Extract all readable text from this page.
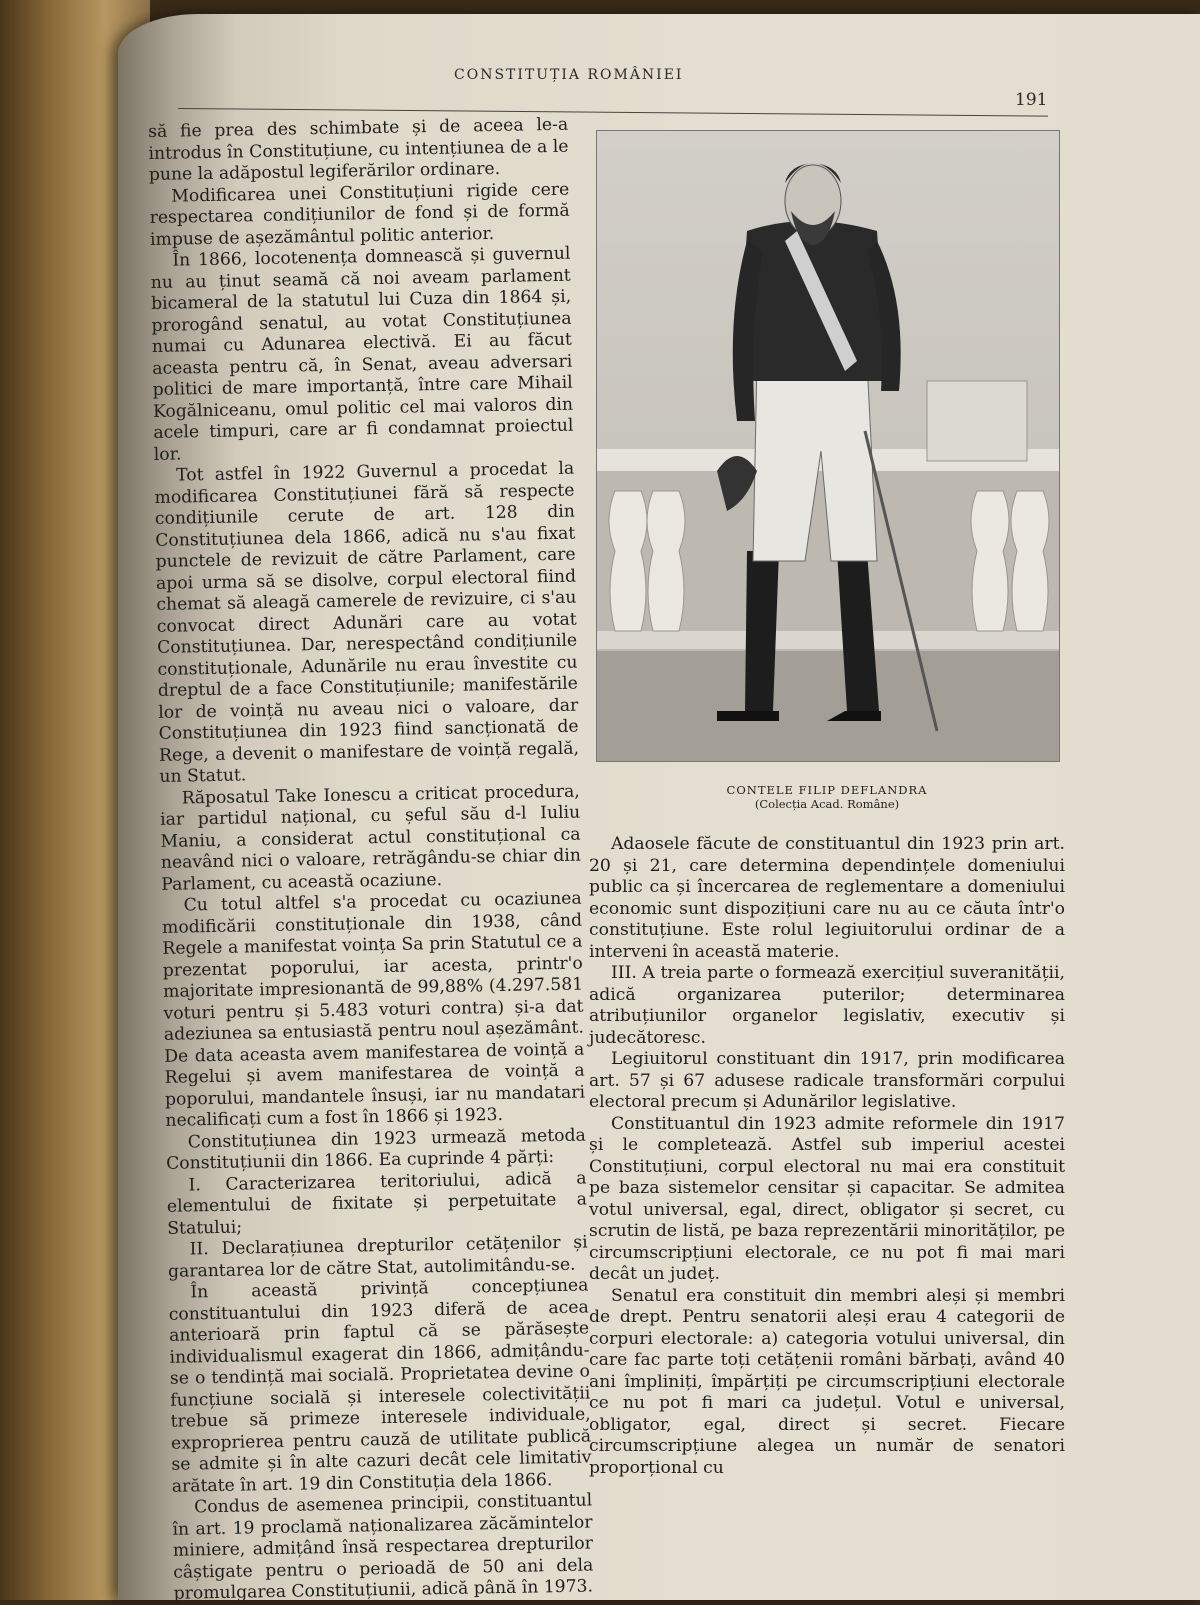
CONSTITUȚIA ROMÂNIEI
191

să fie prea des schimbate și de aceea le-a introdus în Constituțiune, cu intențiunea de a le pune la adăpostul legiferărilor ordinare.

Modificarea unei Constituțiuni rigide cere respectarea condițiunilor de fond și de formă impuse de așezământul politic anterior.

În 1866, locotenența domnească și guvernul nu au ținut seamă că noi aveam parlament bicameral de la statutul lui Cuza din 1864 și, prorogând senatul, au votat Constituțiunea numai cu Adunarea electivă. Ei au făcut aceasta pentru că, în Senat, aveau adversari politici de mare importanță, între care Mihail Kogălniceanu, omul politic cel mai valoros din acele timpuri, care ar fi condamnat proiectul lor.

Tot astfel în 1922 Guvernul a procedat la modificarea Constituțiunei fără să respecte condițiunile cerute de art. 128 din Constituțiunea dela 1866, adică nu s'au fixat punctele de revizuit de către Parlament, care apoi urma să se disolve, corpul electoral fiind chemat să aleagă camerele de revizuire, ci s'au convocat direct Adunări care au votat Constituțiunea. Dar, nerespectând condițiunile constituționale, Adunările nu erau învestite cu dreptul de a face Constituțiunile; manifestările lor de voință nu aveau nici o valoare, dar Constituțiunea din 1923 fiind sancționată de Rege, a devenit o manifestare de voință regală, un Statut.

Răposatul Take Ionescu a criticat procedura, iar partidul național, cu șeful său d-l Iuliu Maniu, a considerat actul constituțional ca neavând nici o valoare, retrăgându-se chiar din Parlament, cu această ocaziune.

Cu totul altfel s'a procedat cu ocaziunea modificării constituționale din 1938, când Regele a manifestat voința Sa prin Statutul ce a prezentat poporului, iar acesta, printr'o majoritate impresionantă de 99,88% (4.297.581 voturi pentru și 5.483 voturi contra) și-a dat adeziunea sa entusiastă pentru noul așezământ. De data aceasta avem manifestarea de voință a Regelui și avem manifestarea de voință a poporului, mandantele însuși, iar nu mandatari necalificați cum a fost în 1866 și 1923.

Constituțiunea din 1923 urmează metoda Constituțiunii din 1866. Ea cuprinde 4 părți:

I. Caracterizarea teritoriului, adică a elementului de fixitate și perpetuitate a Statului;

II. Declarațiunea drepturilor cetățenilor și garantarea lor de către Stat, autolimitându-se.

În această privință concepțiunea constituantului din 1923 diferă de acea anterioară prin faptul că se părăsește individualismul exagerat din 1866, admițându-se o tendință mai socială. Proprietatea devine o funcțiune socială și interesele colectivității trebue să primeze interesele individuale, exproprierea pentru cauză de utilitate publică se admite și în alte cazuri decât cele limitativ arătate în art. 19 din Constituția dela 1866.

Condus de asemenea principii, constituantul în art. 19 proclamă naționalizarea zăcămintelor miniere, admițând însă respectarea drepturilor câștigate pentru o perioadă de 50 ani dela promulgarea Constituțiunii, adică până în 1973.

CONTELE FILIP DEFLANDRA
(Colecția Acad. Române)

Adaosele făcute de constituantul din 1923 prin art. 20 și 21, care determina dependințele domeniului public ca și încercarea de reglementare a domeniului economic sunt dispozițiuni care nu au ce căuta într'o constituțiune. Este rolul legiuitorului ordinar de a interveni în această materie.

III. A treia parte o formează exercițiul suveranității, adică organizarea puterilor; determinarea atribuțiunilor organelor legislativ, executiv și judecătoresc.

Legiuitorul constituant din 1917, prin modificarea art. 57 și 67 adusese radicale transformări corpului electoral precum și Adunărilor legislative.

Constituantul din 1923 admite reformele din 1917 și le completează. Astfel sub imperiul acestei Constituțiuni, corpul electoral nu mai era constituit pe baza sistemelor censitar și capacitar. Se admitea votul universal, egal, direct, obligator și secret, cu scrutin de listă, pe baza reprezentării minorităților, pe circumscripțiuni electorale, ce nu pot fi mai mari decât un județ.

Senatul era constituit din membri aleși și membri de drept. Pentru senatorii aleși erau 4 categorii de corpuri electorale: a) categoria votului universal, din care fac parte toți cetățenii români bărbați, având 40 ani împliniți, împărțiți pe circumscripțiuni electorale ce nu pot fi mari ca județul. Votul e universal, obligator, egal, direct și secret. Fiecare circumscripțiune alegea un număr de senatori proporțional cu
